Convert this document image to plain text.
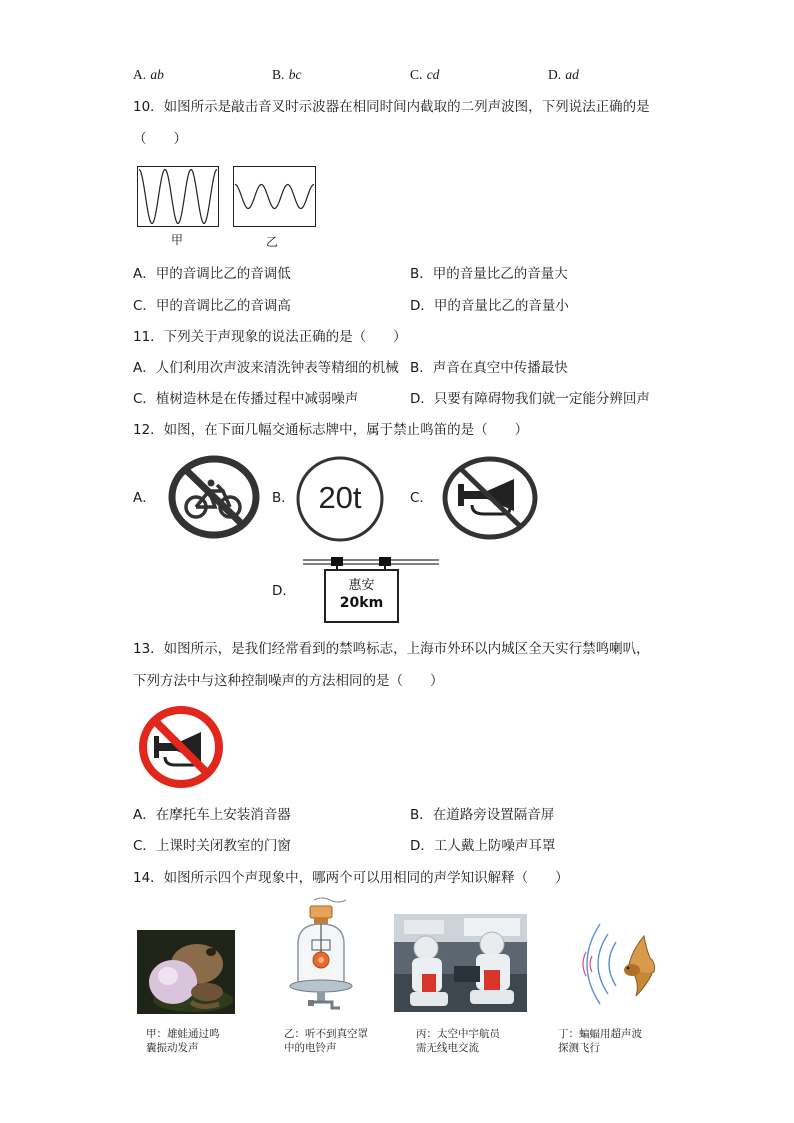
A. ab	B. bc	C. cd	D. ad
10．如图所示是敲击音叉时示波器在相同时间内截取的二列声波图，下列说法正确的是
（　　）
甲	乙
A．甲的音调比乙的音调低	B．甲的音量比乙的音量大
C．甲的音调比乙的音调高	D．甲的音量比乙的音量小
11．下列关于声现象的说法正确的是（　　）
A．人们利用次声波来清洗钟表等精细的机械 B．声音在真空中传播最快
C．植树造林是在传播过程中减弱噪声	D．只要有障碍物我们就一定能分辨回声
12．如图，在下面几幅交通标志牌中，属于禁止鸣笛的是（　　）
A．	B． 20t	C．
D．	惠安
20km
13．如图所示，是我们经常看到的禁鸣标志，上海市外环以内城区全天实行禁鸣喇叭，
下列方法中与这种控制噪声的方法相同的是（　　）
A．在摩托车上安装消音器	B．在道路旁设置隔音屏
C．上课时关闭教室的门窗	D．工人戴上防噪声耳罩
14．如图所示四个声现象中，哪两个可以用相同的声学知识解释（　　）
甲：雄蛙通过鸣
囊振动发声
乙：听不到真空罩
中的电铃声
丙：太空中宇航员
需无线电交流
丁：蝙蝠用超声波
探测飞行
